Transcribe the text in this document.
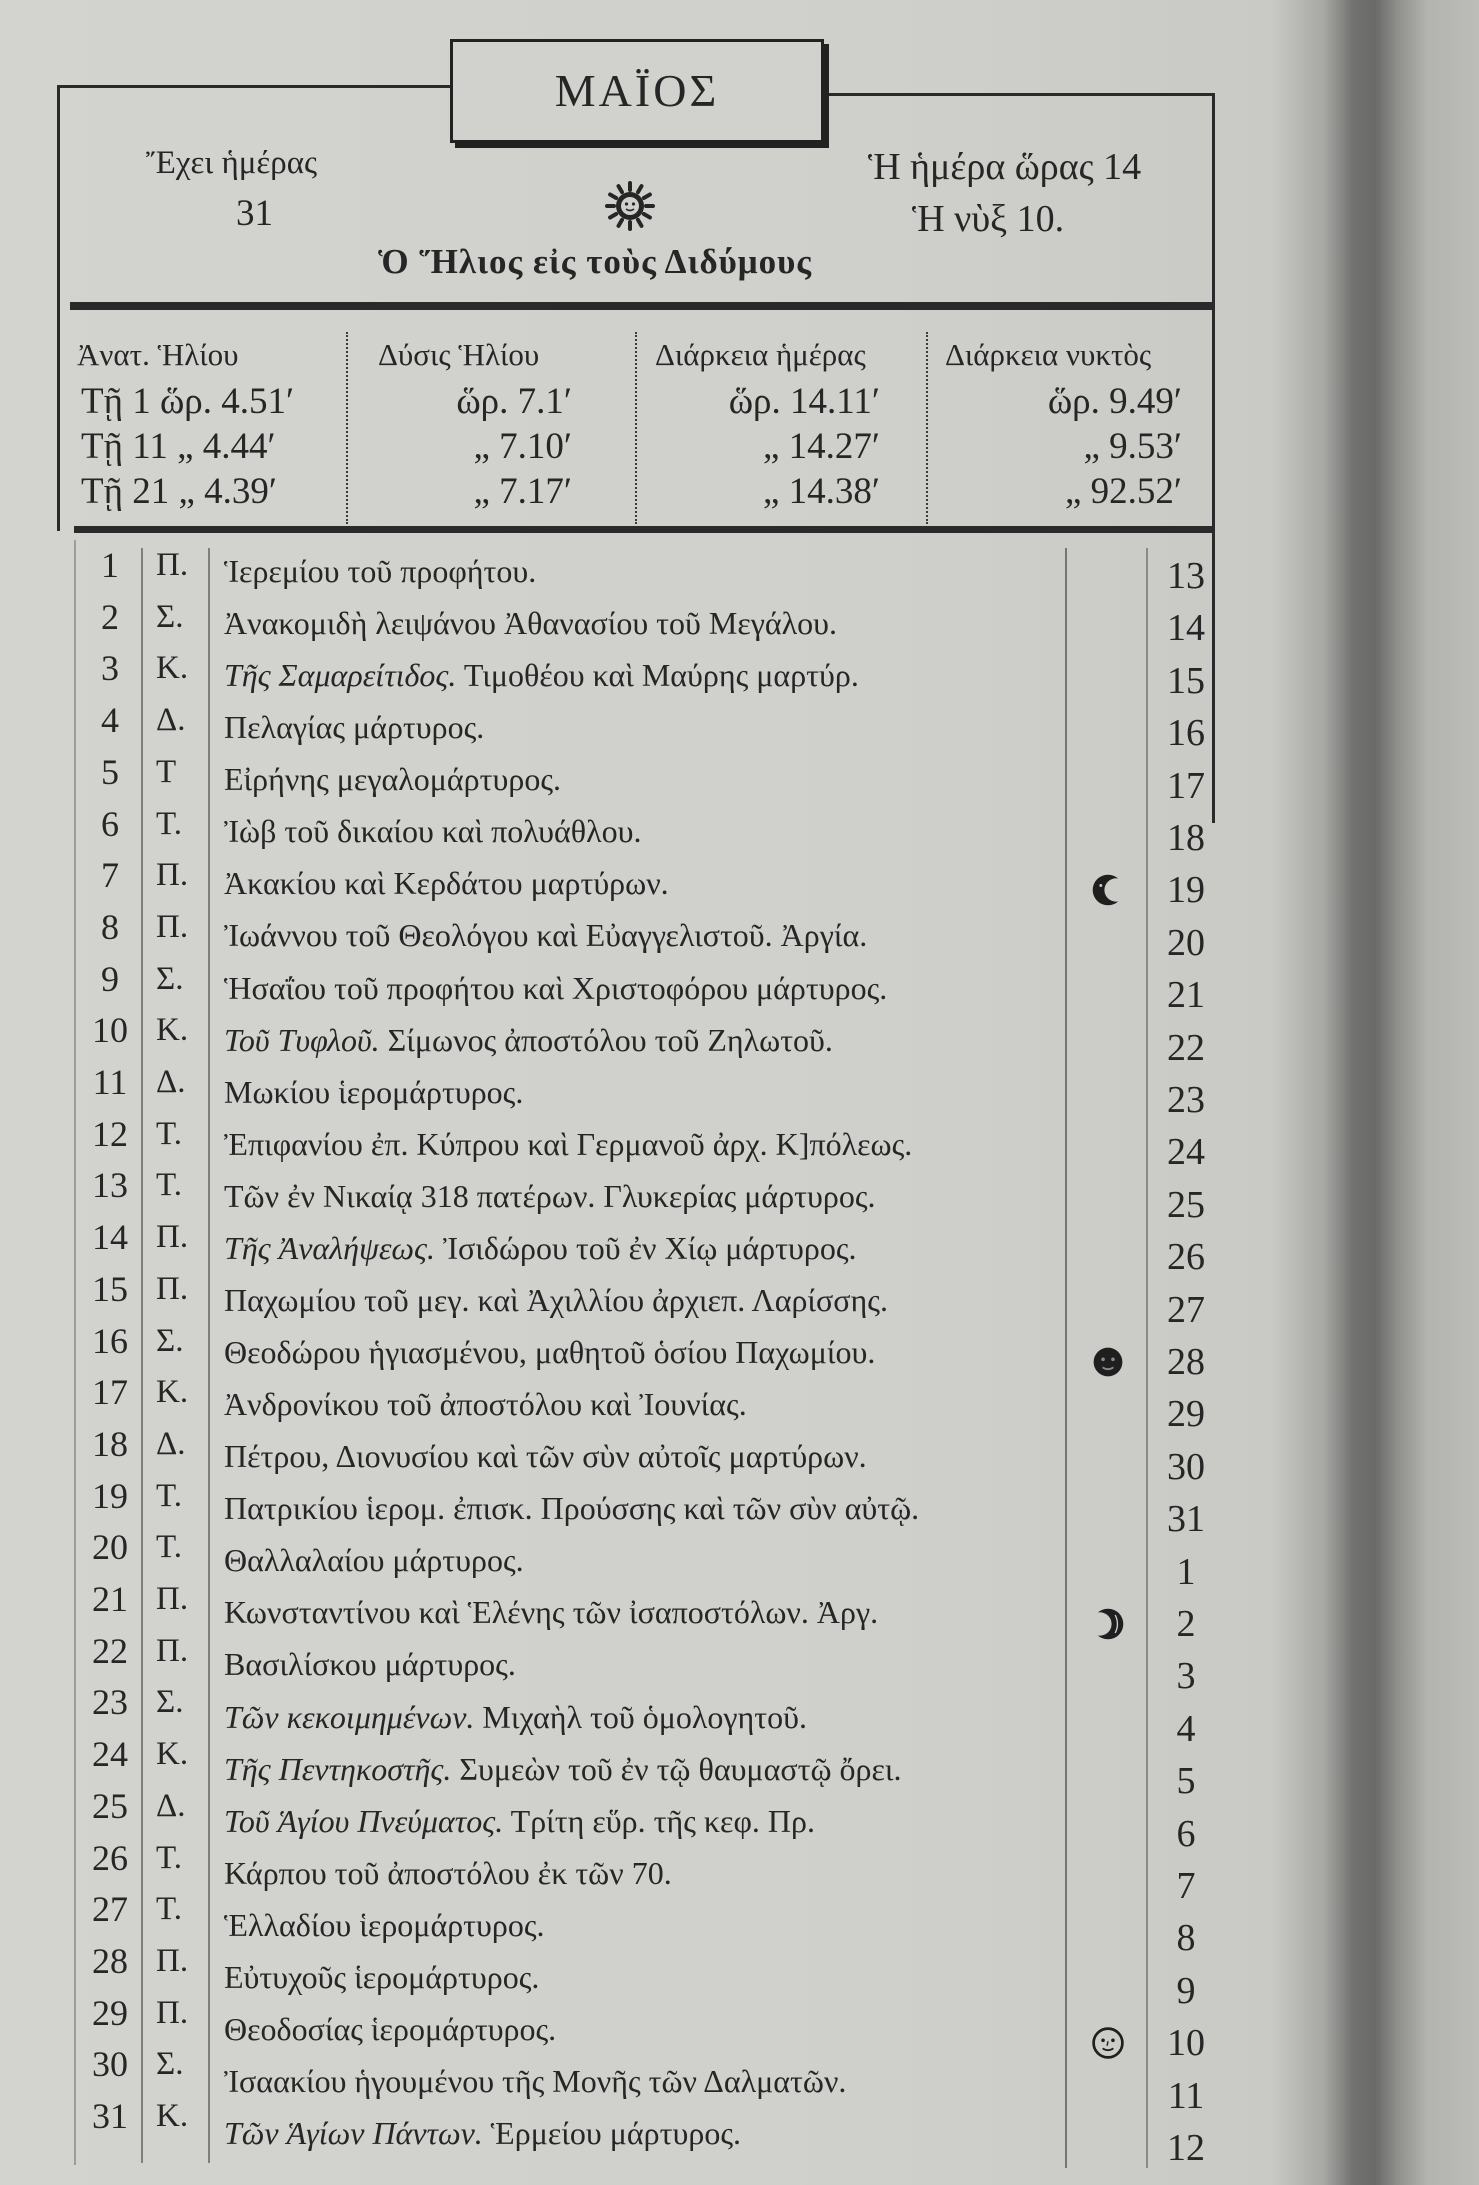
ΜΑΪΟΣ
Ἔχει ἡμέρας
31
Ἡ ἡμέρα ὥρας 14
Ἡ νὺξ 10.
Ὁ Ἥλιος εἰς τοὺς Διδύμους
Ἀνατ. Ἡλίου	Δύσις Ἡλίου	Διάρκεια ἡμέρας	Διάρκεια νυκτὸς
Τῇ 1 ὥρ. 4.51′	ὥρ. 7.1′	ὥρ. 14.11′	ὥρ. 9.49′
Τῇ 11 „ 4.44′	„ 7.10′	„ 14.27′	„ 9.53′
Τῇ 21 „ 4.39′	„ 7.17′	„ 14.38′	„ 92.52′
1	Π. Ἱερεμίου τοῦ προφήτου.	13
2	Σ. Ἀνακομιδὴ λειψάνου Ἀθανασίου τοῦ Μεγάλου.	14
3	Κ. Τῆς Σαμαρείτιδος. Τιμοθέου καὶ Μαύρης μαρτύρ.	15
4	Δ. Πελαγίας μάρτυρος.	16
5	Τ Εἰρήνης μεγαλομάρτυρος.	17
6	Τ. Ἰὼβ τοῦ δικαίου καὶ πολυάθλου.	18
7	Π. Ἀκακίου καὶ Κερδάτου μαρτύρων.	19
8	Π. Ἰωάννου τοῦ Θεολόγου καὶ Εὐαγγελιστοῦ. Ἀργία.	20
9	Σ. Ἡσαΐου τοῦ προφήτου καὶ Χριστοφόρου μάρτυρος.	21
10 Κ. Τοῦ Τυφλοῦ. Σίμωνος ἀποστόλου τοῦ Ζηλωτοῦ.	22
11 Δ. Μωκίου ἱερομάρτυρος.	23
12 Τ. Ἐπιφανίου ἐπ. Κύπρου καὶ Γερμανοῦ ἀρχ. Κ]πόλεως.	24
13 Τ. Τῶν ἐν Νικαίᾳ 318 πατέρων. Γλυκερίας μάρτυρος.	25
14 Π. Τῆς Ἀναλήψεως. Ἰσιδώρου τοῦ ἐν Χίῳ μάρτυρος.	26
15 Π. Παχωμίου τοῦ μεγ. καὶ Ἀχιλλίου ἀρχιεπ. Λαρίσσης.	27
16 Σ. Θεοδώρου ἡγιασμένου, μαθητοῦ ὁσίου Παχωμίου.	28
17 Κ. Ἀνδρονίκου τοῦ ἀποστόλου καὶ Ἰουνίας.	29
18 Δ. Πέτρου, Διονυσίου καὶ τῶν σὺν αὐτοῖς μαρτύρων.	30
19 Τ. Πατρικίου ἱερομ. ἐπισκ. Προύσσης καὶ τῶν σὺν αὐτῷ.	31
20 Τ. Θαλλαλαίου μάρτυρος.	1
21 Π. Κωνσταντίνου καὶ Ἑλένης τῶν ἰσαποστόλων. Ἀργ.	2
22 Π. Βασιλίσκου μάρτυρος.	3
23 Σ. Τῶν κεκοιμημένων. Μιχαὴλ τοῦ ὁμολογητοῦ.	4
24 Κ. Τῆς Πεντηκοστῆς. Συμεὼν τοῦ ἐν τῷ θαυμαστῷ ὄρει.	5
25 Δ. Τοῦ Ἁγίου Πνεύματος. Τρίτη εὕρ. τῆς κεφ. Πρ.	6
26 Τ. Κάρπου τοῦ ἀποστόλου ἐκ τῶν 70.	7
27 Τ. Ἑλλαδίου ἱερομάρτυρος.	8
28 Π. Εὐτυχοῦς ἱερομάρτυρος.	9
29 Π. Θεοδοσίας ἱερομάρτυρος.	10
30 Σ. Ἰσαακίου ἡγουμένου τῆς Μονῆς τῶν Δαλματῶν.	11
31 Κ. Τῶν Ἁγίων Πάντων. Ἑρμείου μάρτυρος.	12
